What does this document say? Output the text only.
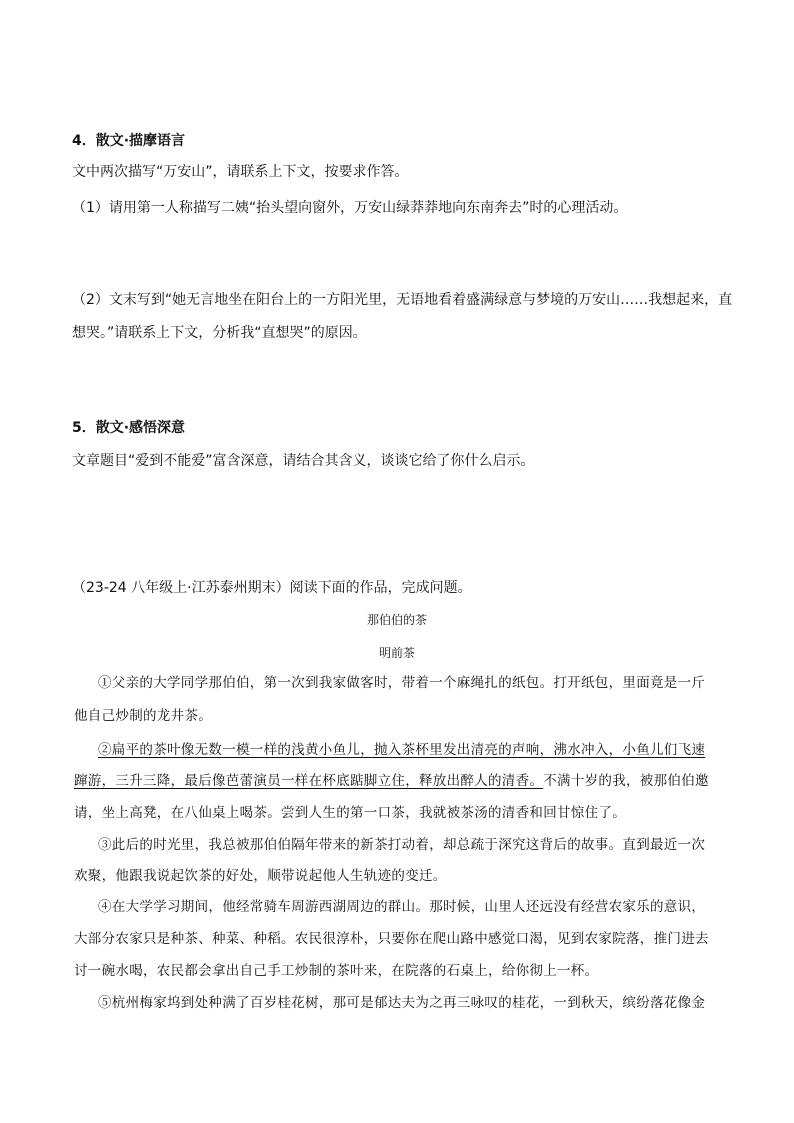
4．散文·描摩语言
文中两次描写“万安山”，请联系上下文，按要求作答。
（1）请用第一人称描写二姨“抬头望向窗外，万安山绿莽莽地向东南奔去”时的心理活动。
（2）文末写到“她无言地坐在阳台上的一方阳光里，无语地看着盛满绿意与梦境的万安山……我想起来，直
想哭。”请联系上下文，分析我“直想哭”的原因。
5．散文·感悟深意
文章题目“爱到不能爱”富含深意，请结合其含义，谈谈它给了你什么启示。
（23-24 八年级上·江苏泰州期末）阅读下面的作品，完成问题。
那伯伯的茶
明前茶
①父亲的大学同学那伯伯，第一次到我家做客时，带着一个麻绳扎的纸包。打开纸包，里面竟是一斤
他自己炒制的龙井茶。
②扁平的茶叶像无数一模一样的浅黄小鱼儿，抛入茶杯里发出清亮的声响，沸水冲入，小鱼儿们飞速
蹿游，三升三降，最后像芭蕾演员一样在杯底踮脚立住，释放出醉人的清香。不满十岁的我，被那伯伯邀
请，坐上高凳，在八仙桌上喝茶。尝到人生的第一口茶，我就被茶汤的清香和回甘惊住了。
③此后的时光里，我总被那伯伯隔年带来的新茶打动着，却总疏于深究这背后的故事。直到最近一次
欢聚，他跟我说起饮茶的好处，顺带说起他人生轨迹的变迁。
④在大学学习期间，他经常骑车周游西湖周边的群山。那时候，山里人还远没有经营农家乐的意识，
大部分农家只是种茶、种菜、种稻。农民很淳朴，只要你在爬山路中感觉口渴，见到农家院落，推门进去
讨一碗水喝，农民都会拿出自己手工炒制的茶叶来，在院落的石桌上，给你彻上一杯。
⑤杭州梅家坞到处种满了百岁桂花树，那可是郁达夫为之再三咏叹的桂花，一到秋天，缤纷落花像金
